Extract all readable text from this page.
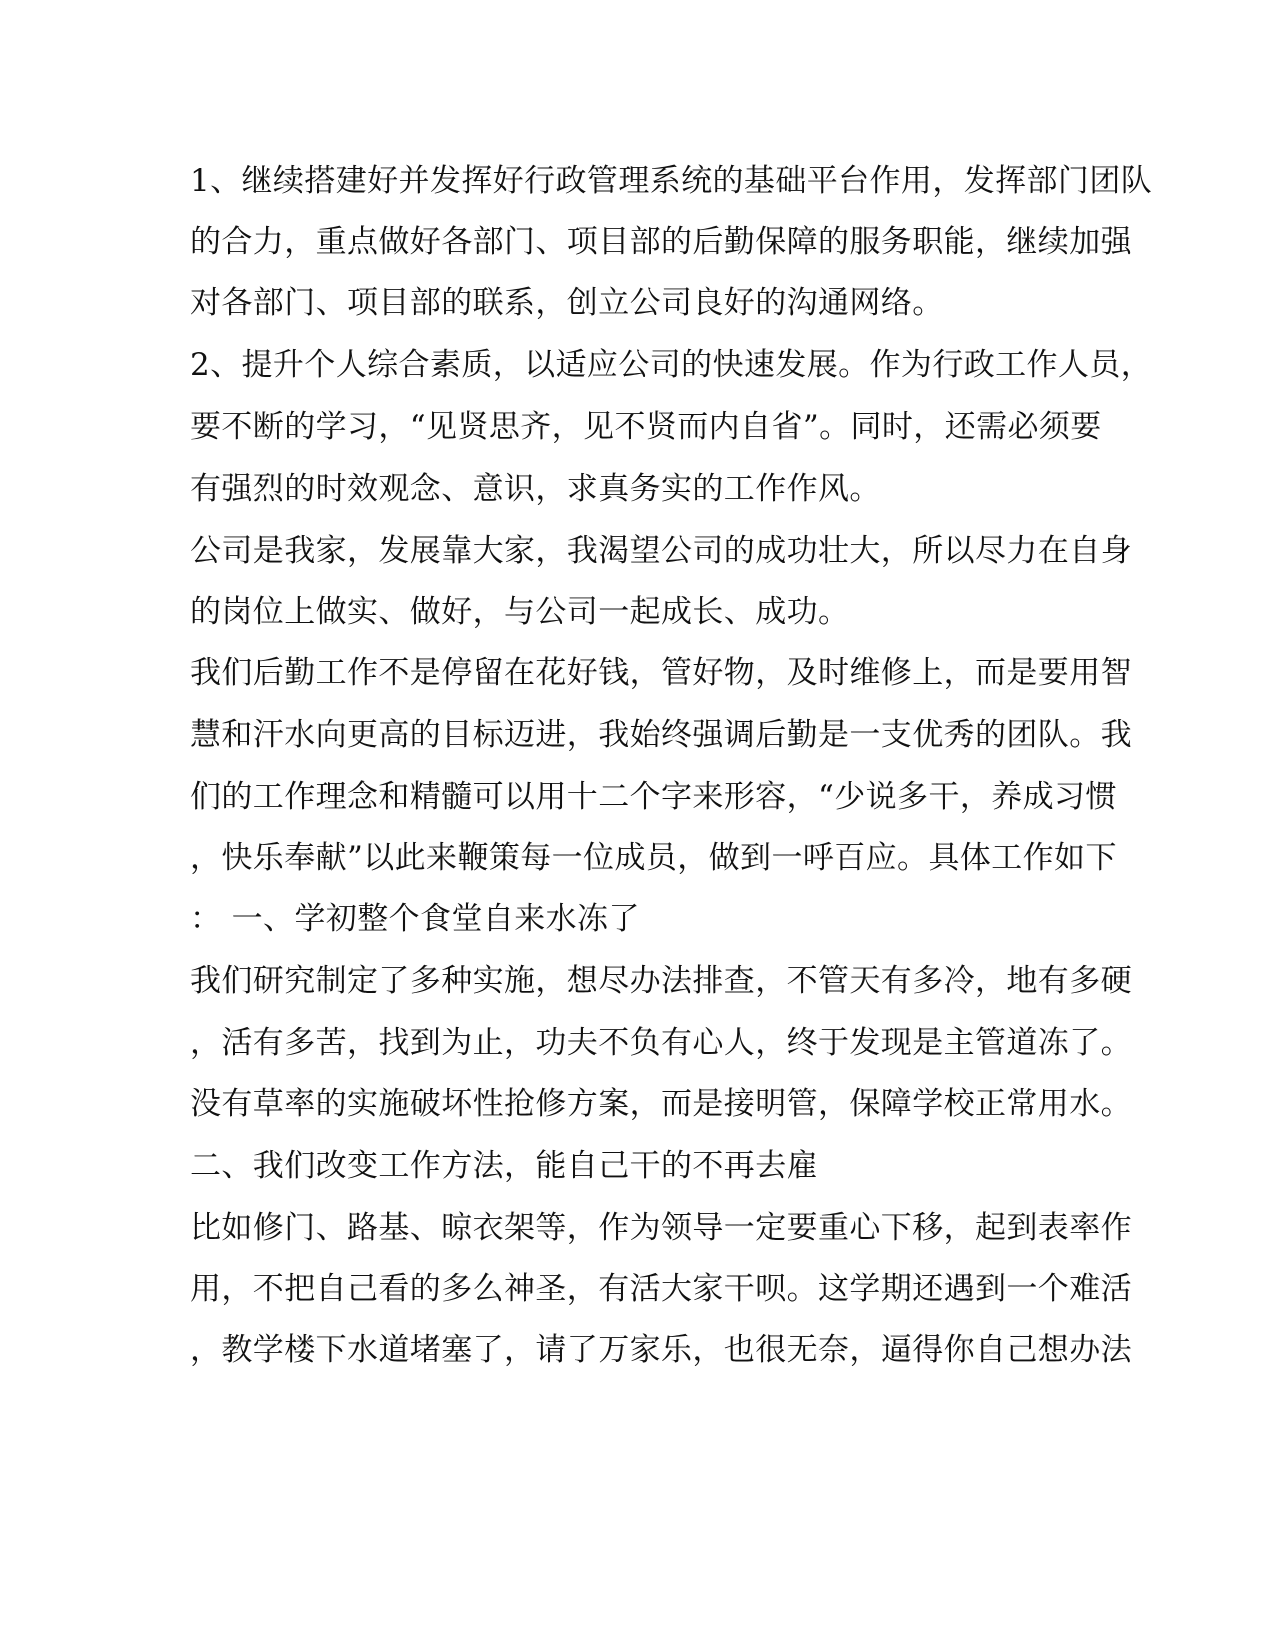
1、继续搭建好并发挥好行政管理系统的基础平台作用，发挥部门团队
的合力，重点做好各部门、项目部的后勤保障的服务职能，继续加强
对各部门、项目部的联系，创立公司良好的沟通网络。
2、提升个人综合素质，以适应公司的快速发展。作为行政工作人员，
要不断的学习，“见贤思齐，见不贤而内自省”。同时，还需必须要
有强烈的时效观念、意识，求真务实的工作作风。
公司是我家，发展靠大家，我渴望公司的成功壮大，所以尽力在自身
的岗位上做实、做好，与公司一起成长、成功。
我们后勤工作不是停留在花好钱，管好物，及时维修上，而是要用智
慧和汗水向更高的目标迈进，我始终强调后勤是一支优秀的团队。我
们的工作理念和精髓可以用十二个字来形容，“少说多干，养成习惯
，快乐奉献”以此来鞭策每一位成员，做到一呼百应。具体工作如下
： 一、学初整个食堂自来水冻了
我们研究制定了多种实施，想尽办法排查，不管天有多冷，地有多硬
，活有多苦，找到为止，功夫不负有心人，终于发现是主管道冻了。
没有草率的实施破坏性抢修方案，而是接明管，保障学校正常用水。
二、我们改变工作方法，能自己干的不再去雇
比如修门、路基、晾衣架等，作为领导一定要重心下移，起到表率作
用，不把自己看的多么神圣，有活大家干呗。这学期还遇到一个难活
，教学楼下水道堵塞了，请了万家乐，也很无奈，逼得你自己想办法
